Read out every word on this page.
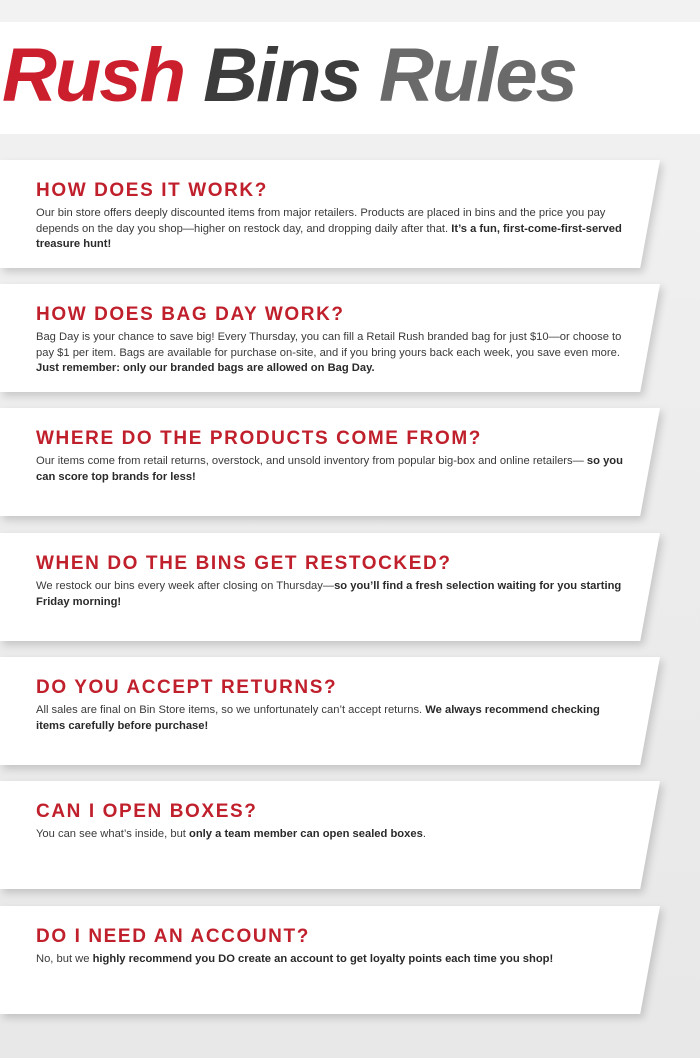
Rush Bins Rules
HOW DOES IT WORK?
Our bin store offers deeply discounted items from major retailers. Products are placed in bins and the price you pay depends on the day you shop—higher on restock day, and dropping daily after that. It’s a fun, first-come-first-served treasure hunt!
HOW DOES BAG DAY WORK?
Bag Day is your chance to save big! Every Thursday, you can fill a Retail Rush branded bag for just $10—or choose to pay $1 per item. Bags are available for purchase on-site, and if you bring yours back each week, you save even more. Just remember: only our branded bags are allowed on Bag Day.
WHERE DO THE PRODUCTS COME FROM?
Our items come from retail returns, overstock, and unsold inventory from popular big-box and online retailers— so you can score top brands for less!
WHEN DO THE BINS GET RESTOCKED?
We restock our bins every week after closing on Thursday—so you’ll find a fresh selection waiting for you starting Friday morning!
DO YOU ACCEPT RETURNS?
All sales are final on Bin Store items, so we unfortunately can’t accept returns. We always recommend checking items carefully before purchase!
CAN I OPEN BOXES?
You can see what’s inside, but only a team member can open sealed boxes.
DO I NEED AN ACCOUNT?
No, but we highly recommend you DO create an account to get loyalty points each time you shop!
